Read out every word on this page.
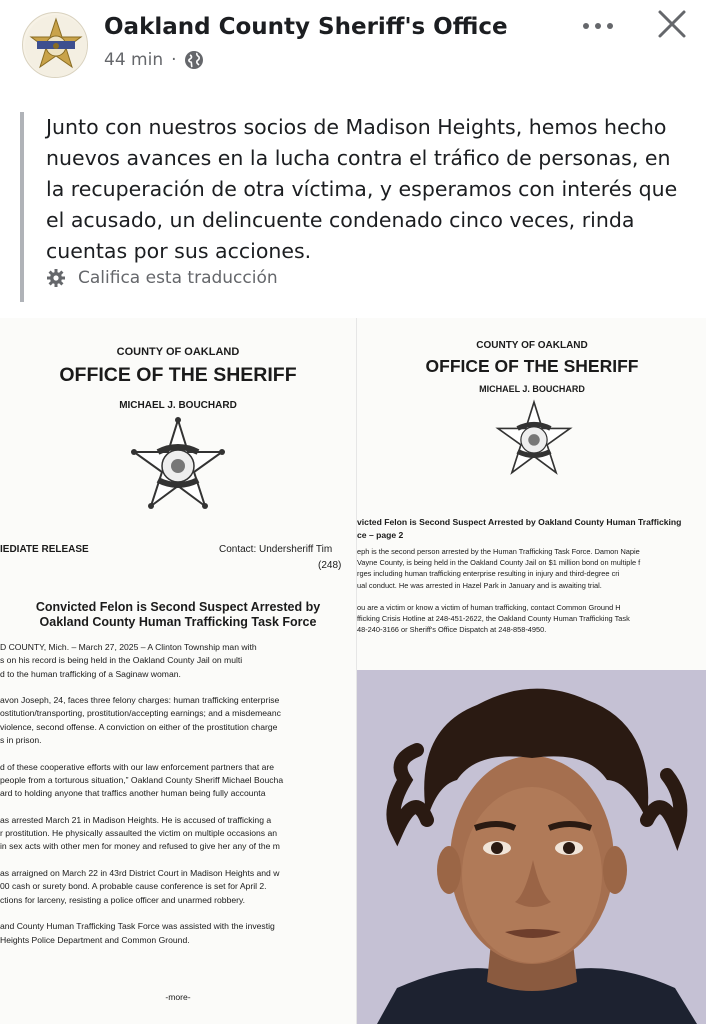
Oakland County Sheriff's Office
44 min ·
Junto con nuestros socios de Madison Heights, hemos hecho nuevos avances en la lucha contra el tráfico de personas, en la recuperación de otra víctima, y esperamos con interés que el acusado, un delincuente condenado cinco veces, rinda cuentas por sus acciones.
Califica esta traducción
COUNTY OF OAKLAND
OFFICE OF THE SHERIFF
MICHAEL J. BOUCHARD
IEDIATE RELEASE	Contact: Undersheriff Tim
(248)
Convicted Felon is Second Suspect Arrested by
Oakland County Human Trafficking Task Force
D COUNTY, Mich. – March 27, 2025 – A Clinton Township man with
s on his record is being held in the Oakland County Jail on multi
d to the human trafficking of a Saginaw woman.

avon Joseph, 24, faces three felony charges: human trafficking enterprise
ostitution/transporting, prostitution/accepting earnings; and a misdemeanc
violence, second offense. A conviction on either of the prostitution charge
s in prison.

d of these cooperative efforts with our law enforcement partners that are
people from a torturous situation,” Oakland County Sheriff Michael Boucha
ard to holding anyone that traffics another human being fully accounta

as arrested March 21 in Madison Heights. He is accused of trafficking a
r prostitution. He physically assaulted the victim on multiple occasions an
in sex acts with other men for money and refused to give her any of the m

as arraigned on March 22 in 43rd District Court in Madison Heights and w
00 cash or surety bond. A probable cause conference is set for April 2.
ctions for larceny, resisting a police officer and unarmed robbery.

and County Human Trafficking Task Force was assisted with the investig
Heights Police Department and Common Ground.
-more-
COUNTY OF OAKLAND
OFFICE OF THE SHERIFF
MICHAEL J. BOUCHARD
victed Felon is Second Suspect Arrested by Oakland County Human Trafficking
ce – page 2
eph is the second person arrested by the Human Trafficking Task Force. Damon Napie
Vayne County, is being held in the Oakland County Jail on $1 million bond on multiple f
rges including human trafficking enterprise resulting in injury and third-degree cri
ual conduct. He was arrested in Hazel Park in January and is awaiting trial.

ou are a victim or know a victim of human trafficking, contact Common Ground H
fficking Crisis Hotline at 248-451-2622, the Oakland County Human Trafficking Task
48-240-3166 or Sheriff's Office Dispatch at 248-858-4950.
